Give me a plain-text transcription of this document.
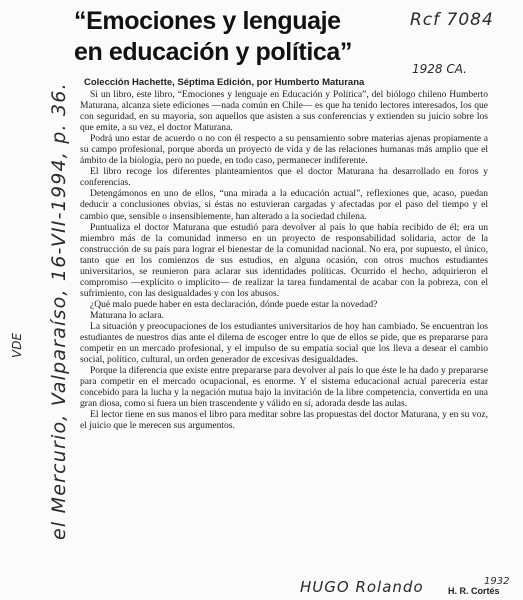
“Emociones y lenguaje
en educación y política”
Colección Hachette, Séptima Edición, por Humberto Maturana

Si un libro, este libro, “Emociones y lenguaje en Educación y Política”, del biólogo chileno Humberto Maturana, alcanza siete ediciones —nada común en Chile— es que ha tenido lectores interesados, los que con seguridad, en su mayoría, son aquellos que asisten a sus conferencias y extienden su juicio sobre los que emite, a su vez, el doctor Maturana.

Podrá uno estar de acuerdo o no con él respecto a su pensamiento sobre materias ajenas propiamente a su campo profesional, porque aborda un proyecto de vida y de las relaciones humanas más amplio que el ámbito de la biología, pero no puede, en todo caso, permanecer indiferente.

El libro recoge los diferentes planteamientos que el doctor Maturana ha desarrollado en foros y conferencias.

Detengámonos en uno de ellos, “una mirada a la educación actual”, reflexiones que, acaso, puedan deducir a conclusiones obvias, si éstas no estuvieran cargadas y afectadas por el paso del tiempo y el cambio que, sensible o insensiblemente, han alterado a la sociedad chilena.

Puntualiza el doctor Maturana que estudió para devolver al país lo que había recibido de él; era un miembro más de la comunidad inmerso en un proyecto de responsabilidad solidaria, actor de la construcción de su país para lograr el bienestar de la comunidad nacional. No era, por supuesto, el único, tanto que en los comienzos de sus estudios, en alguna ocasión, con otros muchos estudiantes universitarios, se reunieron para aclarar sus identidades políticas. Ocurrido el hecho, adquirieron el compromiso —explícito o implícito— de realizar la tarea fundamental de acabar con la pobreza, con el sufrimiento, con las desigualdades y con los abusos.

¿Qué malo puede haber en esta declaración, dónde puede estar la novedad?

Maturana lo aclara.

La situación y preocupaciones de los estudiantes universitarios de hoy han cambiado. Se encuentran los estudiantes de nuestros días ante el dilema de escoger entre lo que de ellos se pide, que es prepararse para competir en un mercado profesional, y el impulso de su empatía social que los lleva a desear el cambio social, político, cultural, un orden generador de excesivas desigualdades.

Porque la diferencia que existe entre prepararse para devolver al país lo que éste le ha dado y prepararse para competir en el mercado ocupacional, es enorme. Y el sistema educacional actual parecería estar concebido para la lucha y la negación mutua bajo la invitación de la libre competencia, convertida en una gran diosa, como si fuera un bien trascendente y válido en sí, adorada desde las aulas.

El lector tiene en sus manos el libro para meditar sobre las propuestas del doctor Maturana, y en su voz, el juicio que le merecen sus argumentos.

H. R. Cortés
Rcf 7084
1928 CA.
el Mercurio, Valparaíso, 16-VII-1994, p. 36.
VDE
HUGO Rolando	1932
